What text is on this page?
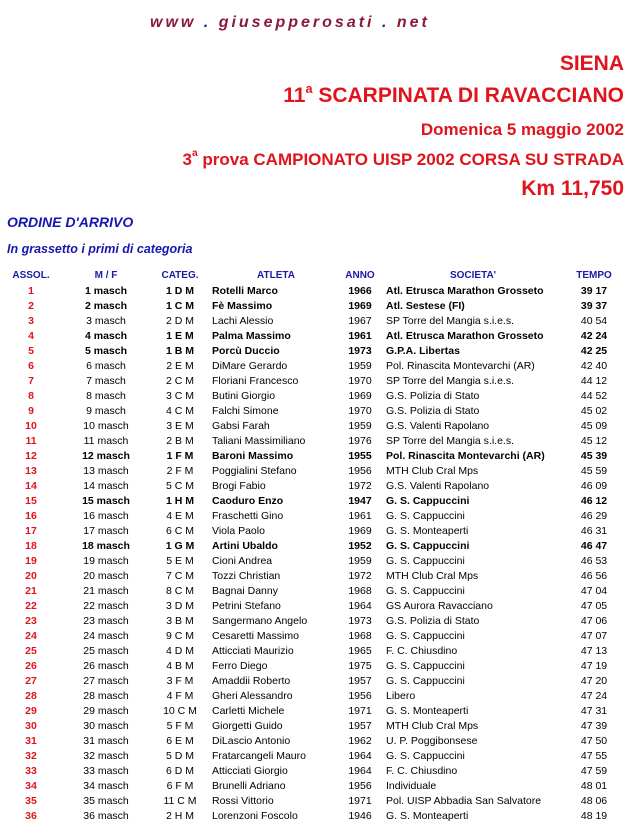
www . giusepperosati . net
SIENA
11$^a$ SCARPINATA DI RAVACCIANO
Domenica 5 maggio 2002
3$^a$ prova CAMPIONATO UISP 2002 CORSA SU STRADA
Km 11,750
ORDINE D'ARRIVO
In grassetto i primi di categoria
ASSOL.	M / F	CATEG.	ATLETA	ANNO	SOCIETA'	TEMPO
1	1 masch	1 D M	Rotelli Marco	1966	Atl. Etrusca Marathon Grosseto	39 17
2	2 masch	1 C M	Fè Massimo	1969	Atl. Sestese (FI)	39 37
3	3 masch	2 D M	Lachi Alessio	1967	SP Torre del Mangia s.i.e.s.	40 54
4	4 masch	1 E M	Palma Massimo	1961	Atl. Etrusca Marathon Grosseto	42 24
5	5 masch	1 B M	Porcù Duccio	1973	G.P.A. Libertas	42 25
6	6 masch	2 E M	DiMare Gerardo	1959	Pol. Rinascita Montevarchi (AR)	42 40
7	7 masch	2 C M	Floriani Francesco	1970	SP Torre del Mangia s.i.e.s.	44 12
8	8 masch	3 C M	Butini Giorgio	1969	G.S. Polizia di Stato	44 52
9	9 masch	4 C M	Falchi Simone	1970	G.S. Polizia di Stato	45 02
10	10 masch	3 E M	Gabsi Farah	1959	G.S. Valenti Rapolano	45 09
11	11 masch	2 B M	Taliani Massimiliano	1976	SP Torre del Mangia s.i.e.s.	45 12
12	12 masch	1 F M	Baroni Massimo	1955	Pol. Rinascita Montevarchi (AR)	45 39
13	13 masch	2 F M	Poggialini Stefano	1956	MTH Club Cral Mps	45 59
14	14 masch	5 C M	Brogi Fabio	1972	G.S. Valenti Rapolano	46 09
15	15 masch	1 H M	Caoduro Enzo	1947	G. S. Cappuccini	46 12
16	16 masch	4 E M	Fraschetti Gino	1961	G. S. Cappuccini	46 29
17	17 masch	6 C M	Viola Paolo	1969	G. S. Monteaperti	46 31
18	18 masch	1 G M	Artini Ubaldo	1952	G. S. Cappuccini	46 47
19	19 masch	5 E M	Cioni Andrea	1959	G. S. Cappuccini	46 53
20	20 masch	7 C M	Tozzi Christian	1972	MTH Club Cral Mps	46 56
21	21 masch	8 C M	Bagnai Danny	1968	G. S. Cappuccini	47 04
22	22 masch	3 D M	Petrini Stefano	1964	GS Aurora Ravacciano	47 05
23	23 masch	3 B M	Sangermano Angelo	1973	G.S. Polizia di Stato	47 06
24	24 masch	9 C M	Cesaretti Massimo	1968	G. S. Cappuccini	47 07
25	25 masch	4 D M	Atticciati Maurizio	1965	F. C. Chiusdino	47 13
26	26 masch	4 B M	Ferro Diego	1975	G. S. Cappuccini	47 19
27	27 masch	3 F M	Amaddii Roberto	1957	G. S. Cappuccini	47 20
28	28 masch	4 F M	Gheri Alessandro	1956	Libero	47 24
29	29 masch	10 C M	Carletti Michele	1971	G. S. Monteaperti	47 31
30	30 masch	5 F M	Giorgetti Guido	1957	MTH Club Cral Mps	47 39
31	31 masch	6 E M	DiLascio Antonio	1962	U. P. Poggibonsese	47 50
32	32 masch	5 D M	Fratarcangeli Mauro	1964	G. S. Cappuccini	47 55
33	33 masch	6 D M	Atticciati Giorgio	1964	F. C. Chiusdino	47 59
34	34 masch	6 F M	Brunelli Adriano	1956	Individuale	48 01
35	35 masch	11 C M	Rossi Vittorio	1971	Pol. UISP Abbadia San Salvatore	48 06
36	36 masch	2 H M	Lorenzoni Foscolo	1946	G. S. Monteaperti	48 19
